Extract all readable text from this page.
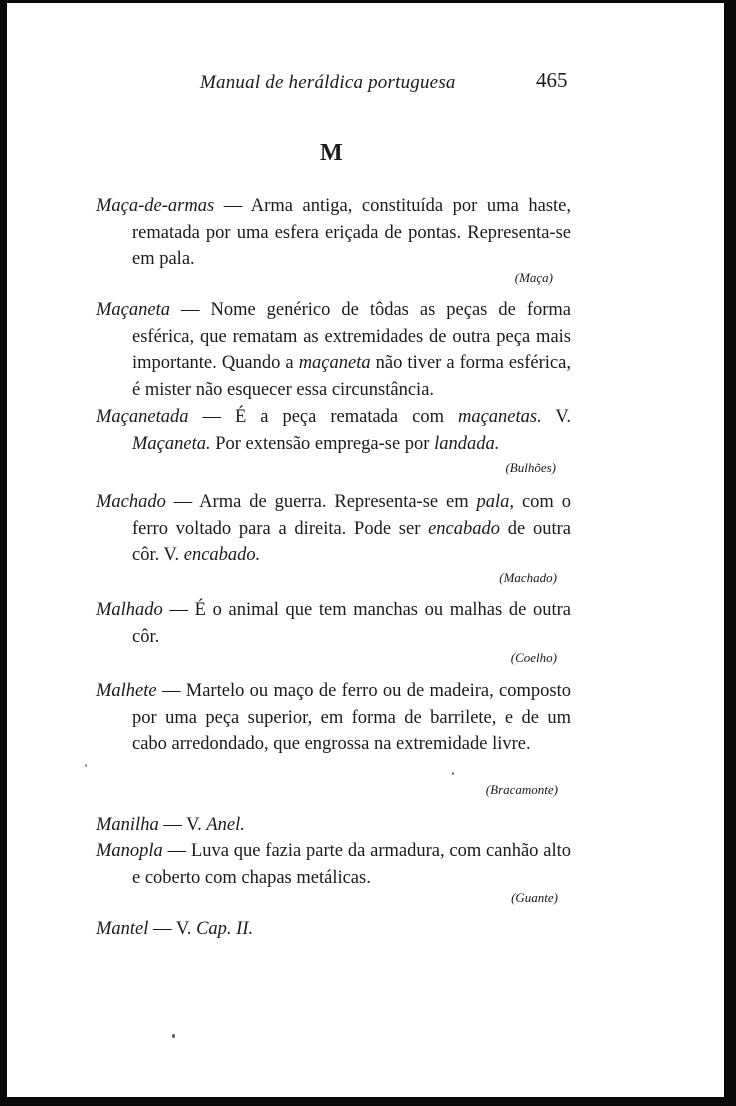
Manual de heráldica portuguesa	465
M

Maça-de-armas — Arma antiga, constituída por uma haste, rematada por uma esfera eriçada de pontas. Representa-se em pala.

(Maça)

Maçaneta — Nome genérico de tôdas as peças de forma esférica, que rematam as extremidades de outra peça mais importante. Quando a maçaneta não tiver a forma esférica, é mister não esquecer essa circunstância.

Maçanetada — É a peça rematada com maçanetas. V. Maçaneta. Por extensão emprega-se por landada.

(Bulhões)

Machado — Arma de guerra. Representa-se em pala, com o ferro voltado para a direita. Pode ser encabado de outra côr. V. encabado.

(Machado)

Malhado — É o animal que tem manchas ou malhas de outra côr.

(Coelho)

Malhete — Martelo ou maço de ferro ou de madeira, composto por uma peça superior, em forma de barrilete, e de um cabo arredondado, que engrossa na extremidade livre.

(Bracamonte)

Manilha — V. Anel.

Manopla — Luva que fazia parte da armadura, com canhão alto e coberto com chapas metálicas.

(Guante)

Mantel — V. Cap. II.
